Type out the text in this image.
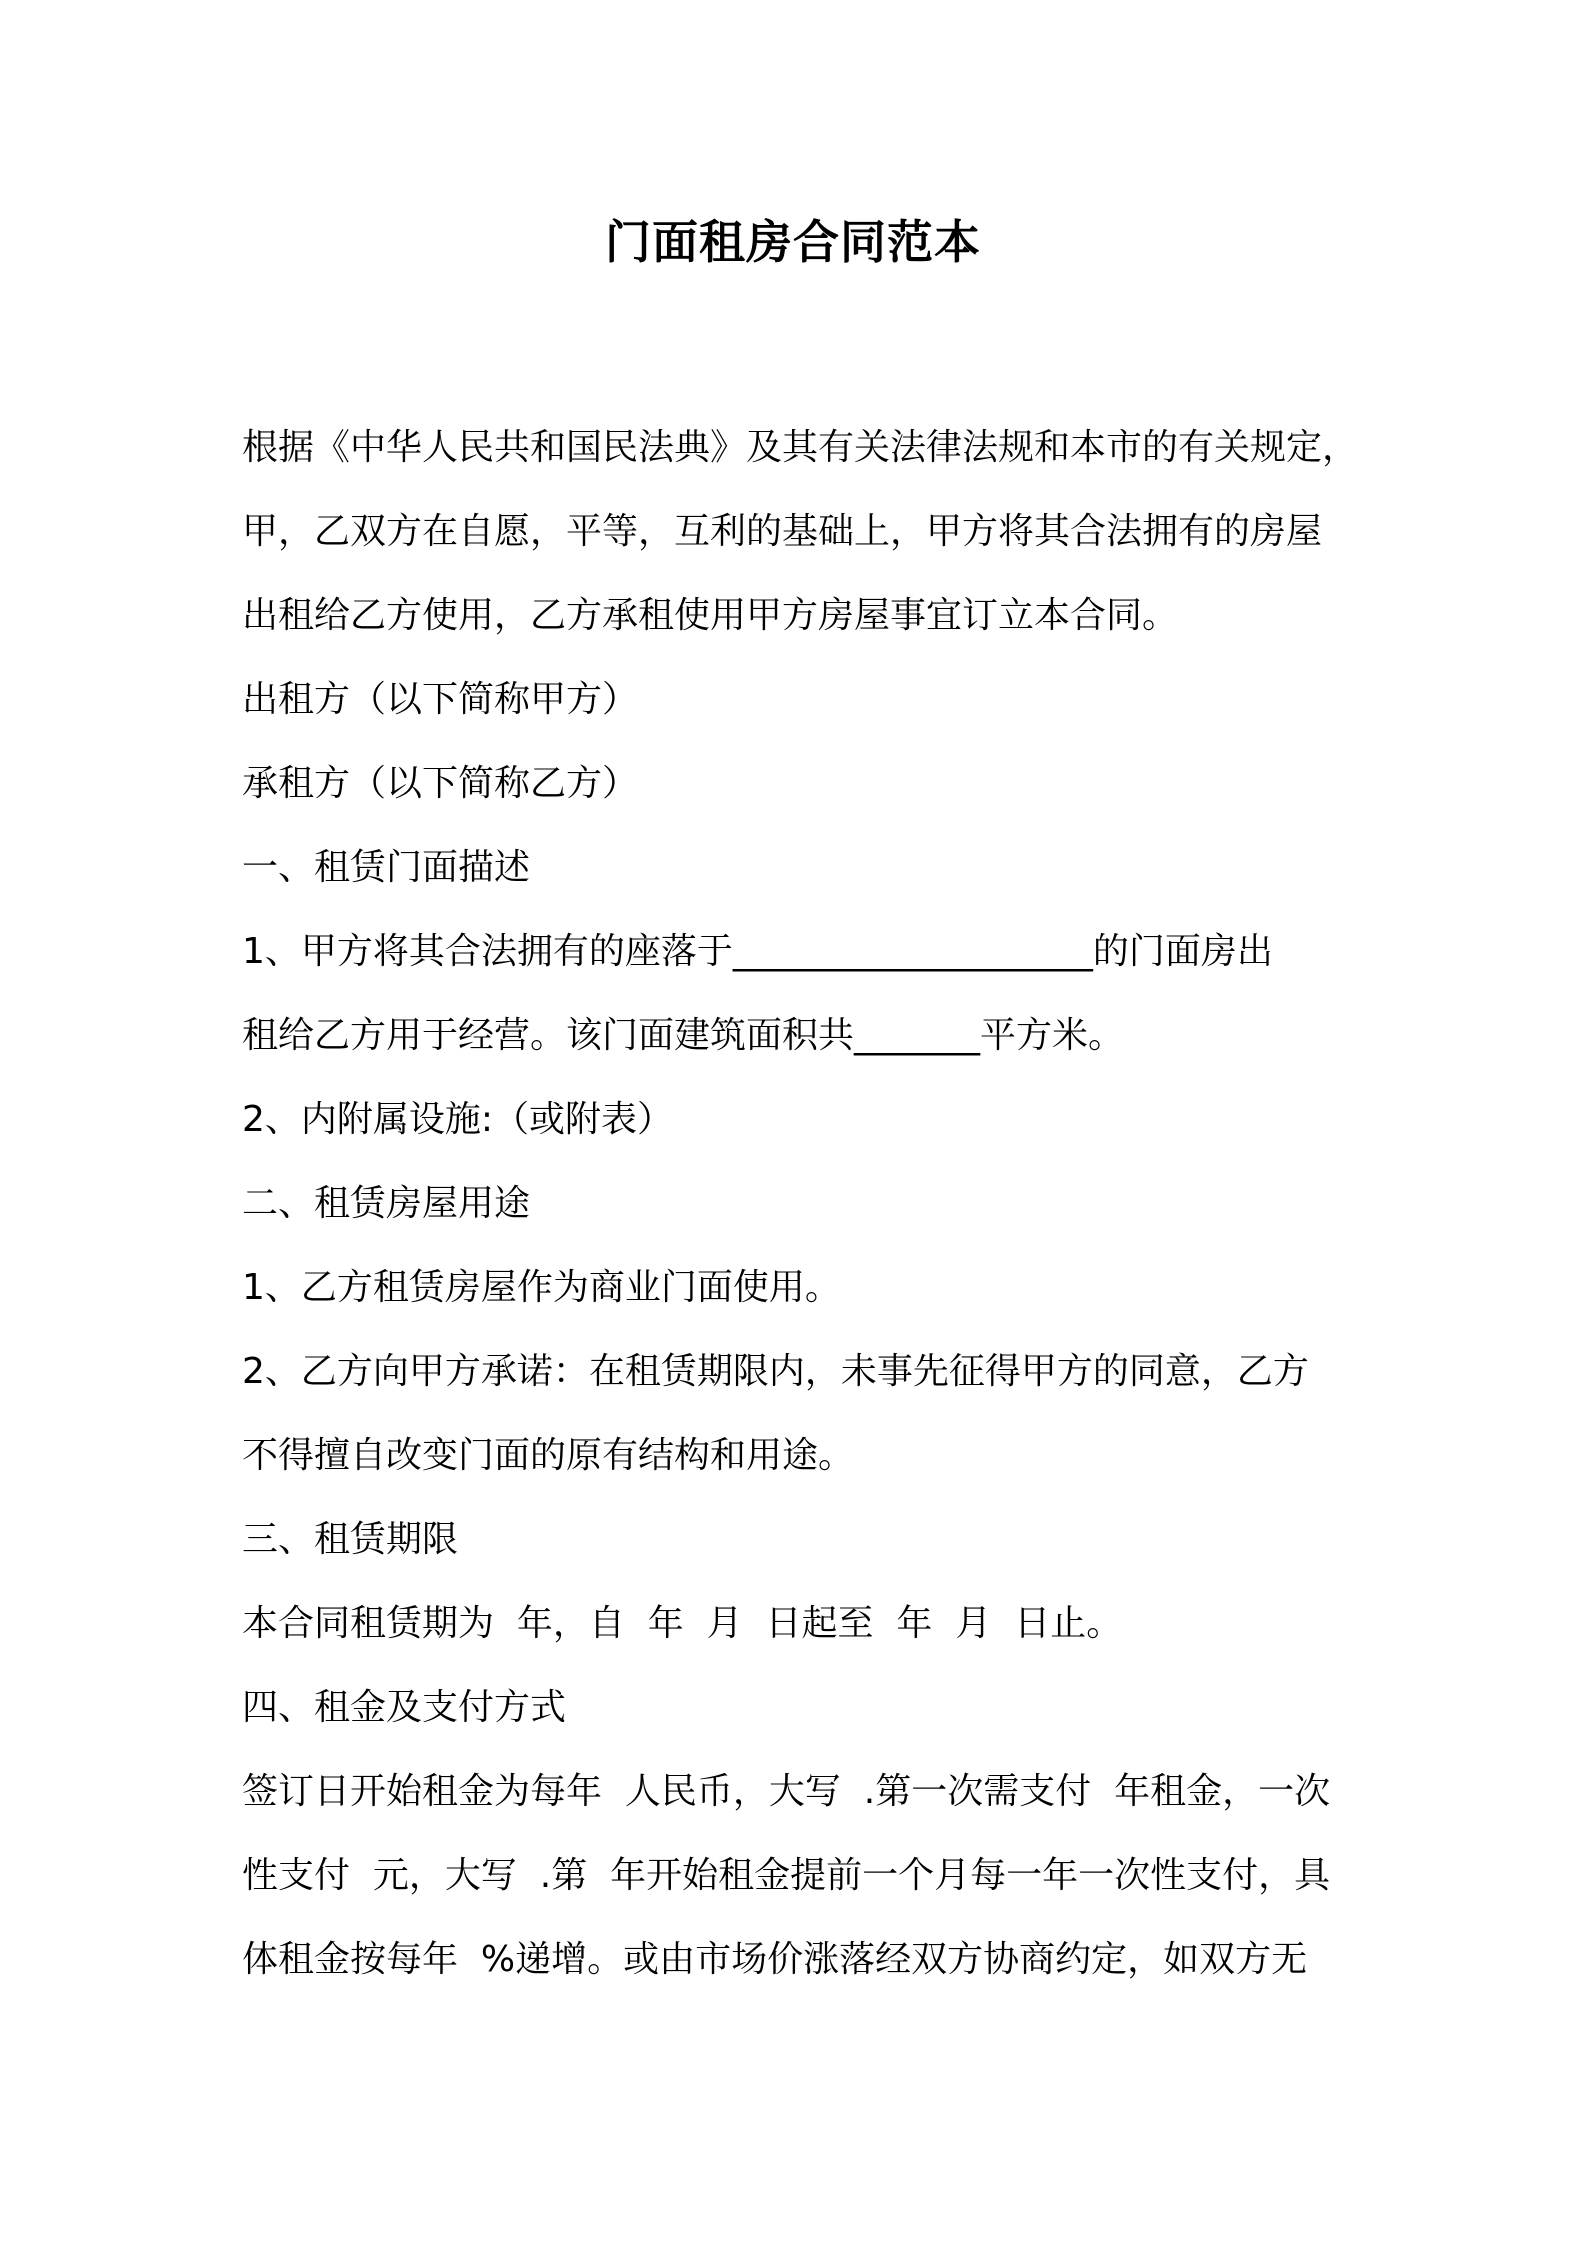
门面租房合同范本
根据《中华人民共和国民法典》及其有关法律法规和本市的有关规定，
甲，乙双方在自愿，平等，互利的基础上，甲方将其合法拥有的房屋
出租给乙方使用，乙方承租使用甲方房屋事宜订立本合同。
出租方（以下简称甲方）
承租方（以下简称乙方）
一、租赁门面描述
1、甲方将其合法拥有的座落于____________________的门面房出
租给乙方用于经营。该门面建筑面积共_______平方米。
2、内附属设施:（或附表）
二、租赁房屋用途
1、乙方租赁房屋作为商业门面使用。
2、乙方向甲方承诺：在租赁期限内，未事先征得甲方的同意，乙方
不得擅自改变门面的原有结构和用途。
三、租赁期限
本合同租赁期为  年，自  年  月  日起至  年  月  日止。
四、租金及支付方式
签订日开始租金为每年  人民币，大写  .第一次需支付  年租金，一次
性支付  元，大写  .第  年开始租金提前一个月每一年一次性支付，具
体租金按每年  %递增。或由市场价涨落经双方协商约定，如双方无
